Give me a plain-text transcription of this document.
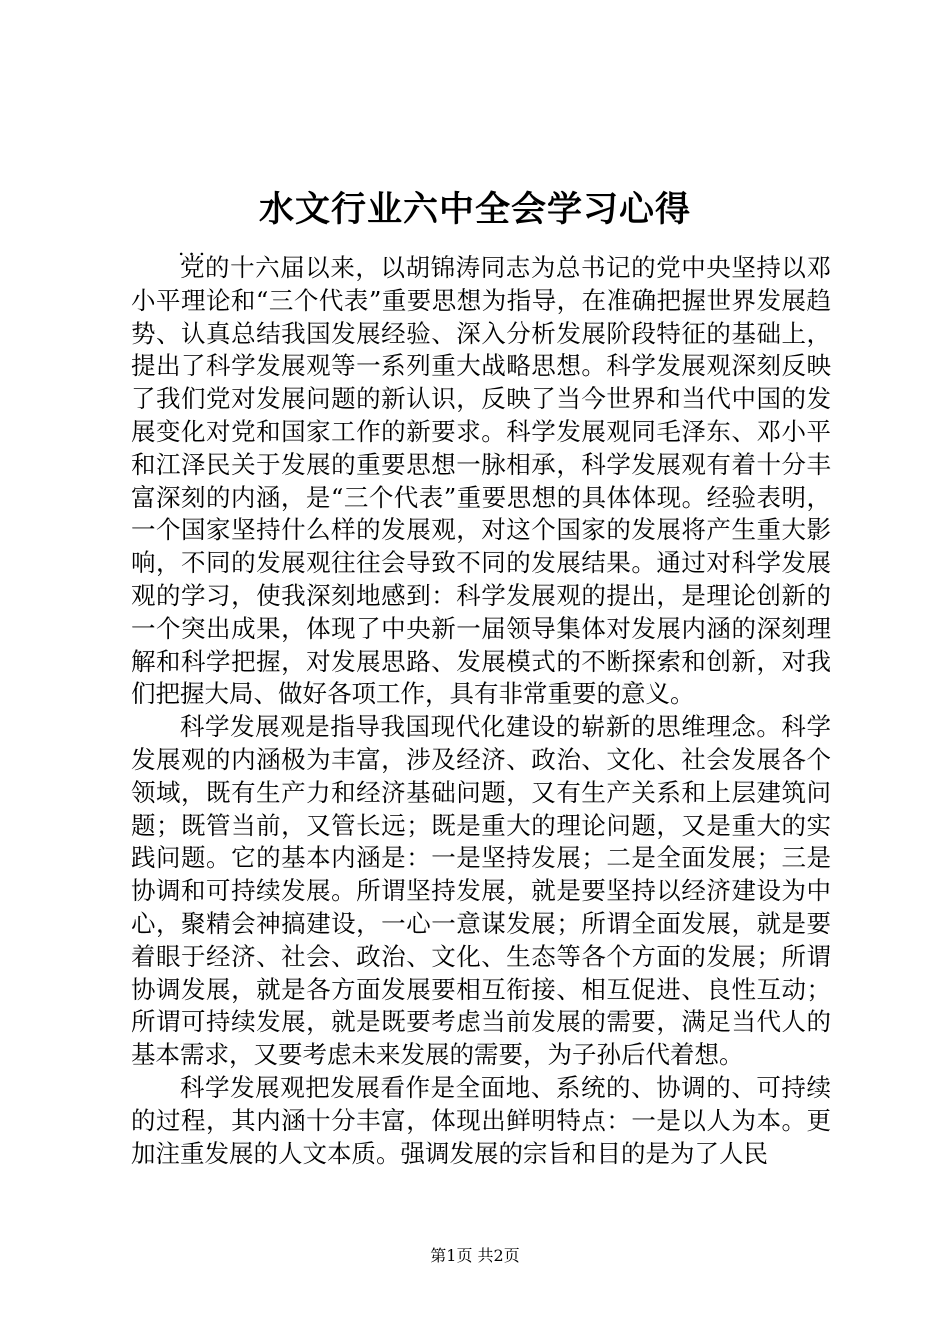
水文行业六中全会学习心得
...

党的十六届以来，以胡锦涛同志为总书记的党中央坚持以邓小平理论和“三个代表”重要思想为指导，在准确把握世界发展趋势、认真总结我国发展经验、深入分析发展阶段特征的基础上，提出了科学发展观等一系列重大战略思想。科学发展观深刻反映了我们党对发展问题的新认识，反映了当今世界和当代中国的发展变化对党和国家工作的新要求。科学发展观同毛泽东、邓小平和江泽民关于发展的重要思想一脉相承，科学发展观有着十分丰富深刻的内涵，是“三个代表”重要思想的具体体现。经验表明，一个国家坚持什么样的发展观，对这个国家的发展将产生重大影响，不同的发展观往往会导致不同的发展结果。通过对科学发展观的学习，使我深刻地感到：科学发展观的提出，是理论创新的一个突出成果，体现了中央新一届领导集体对发展内涵的深刻理解和科学把握，对发展思路、发展模式的不断探索和创新，对我们把握大局、做好各项工作，具有非常重要的意义。

科学发展观是指导我国现代化建设的崭新的思维理念。科学发展观的内涵极为丰富，涉及经济、政治、文化、社会发展各个领域，既有生产力和经济基础问题，又有生产关系和上层建筑问题；既管当前，又管长远；既是重大的理论问题，又是重大的实践问题。它的基本内涵是：一是坚持发展；二是全面发展；三是协调和可持续发展。所谓坚持发展，就是要坚持以经济建设为中心，聚精会神搞建设，一心一意谋发展；所谓全面发展，就是要着眼于经济、社会、政治、文化、生态等各个方面的发展；所谓协调发展，就是各方面发展要相互衔接、相互促进、良性互动；所谓可持续发展，就是既要考虑当前发展的需要，满足当代人的基本需求，又要考虑未来发展的需要，为子孙后代着想。

科学发展观把发展看作是全面地、系统的、协调的、可持续的过程，其内涵十分丰富，体现出鲜明特点：一是以人为本。更加注重发展的人文本质。强调发展的宗旨和目的是为了人民

第1页 共2页
